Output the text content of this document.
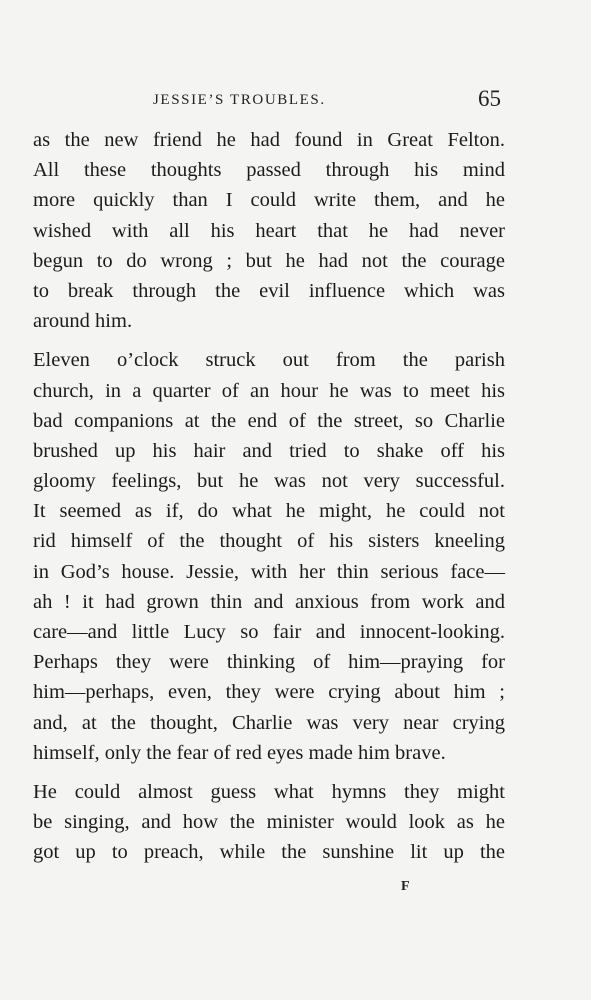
JESSIE’S TROUBLES.	65
as the new friend he had found in Great Felton.
All these thoughts passed through his mind
more quickly than I could write them, and he
wished with all his heart that he had never
begun to do wrong ; but he had not the courage
to break through the evil influence which was
around him.
Eleven o’clock struck out from the parish
church, in a quarter of an hour he was to meet his
bad companions at the end of the street, so Charlie
brushed up his hair and tried to shake off his
gloomy feelings, but he was not very successful.
It seemed as if, do what he might, he could not
rid himself of the thought of his sisters kneeling
in God’s house. Jessie, with her thin serious face—
ah ! it had grown thin and anxious from work and
care—and little Lucy so fair and innocent-looking.
Perhaps they were thinking of him—praying for
him—perhaps, even, they were crying about him ;
and, at the thought, Charlie was very near crying
himself, only the fear of red eyes made him brave.
He could almost guess what hymns they might
be singing, and how the minister would look as he
got up to preach, while the sunshine lit up the
F
